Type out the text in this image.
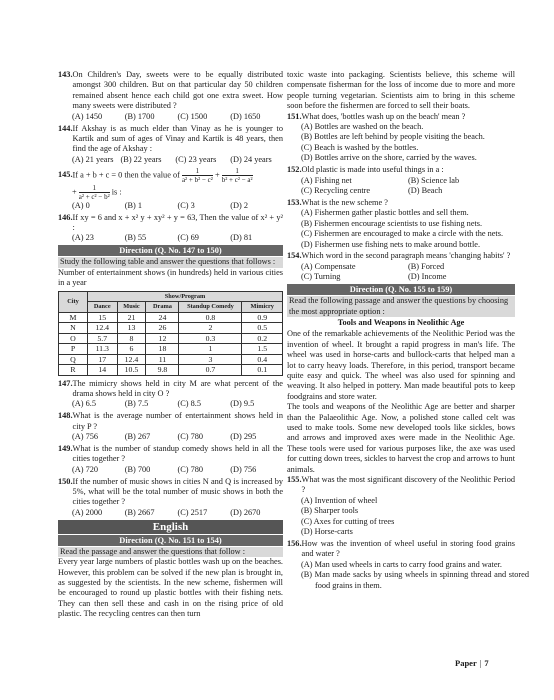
143. On Children's Day, sweets were to be equally distributed amongst 300 children. But on that particular day 50 children remained absent hence each child got one extra sweet. How many sweets were distributed ?
(A) 1450	(B) 1700	(C) 1500	(D) 1650
144. If Akshay is as much elder than Vinay as he is younger to Kartik and sum of ages of Vinay and Kartik is 48 years, then find the age of Akshay :
(A) 21 years (B) 22 years	(C) 23 years	(D) 24 years
145. If a + b + c = 0 then the value of $\frac{1}{\text{a² + b² − c²}} + \frac{1}{\text{b² + c² − a²}}$
+ $\frac{1}{\text{a² + c² − b²}}$ is :
(A) 0	(B) 1	(C) 3	(D) 2
146. If xy = 6 and x + x² y + xy² + y = 63, Then the value of x² + y² :
(A) 23	(B) 55	(C) 69	(D) 81
Direction (Q. No. 147 to 150)
Study the following table and answer the questions that follows :
Number of entertainment shows (in hundreds) held in various cities in a year
City	Show/Program				
	Dance	Music	Drama	Standup Comedy	Mimicry
M	15	21	24	0.8	0.9
N	12.4	13	26	2	0.5
O	5.7	8	12	0.3	0.2
P	11.3	6	18	1	1.5
Q	17	12.4	11	3	0.4
R	14	10.5	9.8	0.7	0.1
147. The mimicry shows held in city M are what percent of the drama shows held in city O ?
(A) 6.5	(B) 7.5	(C) 8.5	(D) 9.5
148. What is the average number of entertainment shows held in city P ?
(A) 756	(B) 267	(C) 780	(D) 295
149. What is the number of standup comedy shows held in all the cities together ?
(A) 720	(B) 700	(C) 780	(D) 756
150. If the number of music shows in cities N and Q is increased by 5%, what will be the total number of music shows in both the cities together ?
(A) 2000	(B) 2667	(C) 2517	(D) 2670
English
Direction (Q. No. 151 to 154)
Read the passage and answer the questions that follow :
Every year large numbers of plastic bottles wash up on the beaches. However, this problem can be solved if the new plan is brought in, as suggested by the scientists. In the new scheme, fishermen will be encouraged to round up plastic bottles with their fishing nets. They can then sell these and cash in on the rising price of old plastic. The recycling centres can then turn
toxic waste into packaging. Scientists believe, this scheme will compensate fisherman for the loss of income due to more and more people turning vegetarian. Scientists aim to bring in this scheme soon before the fishermen are forced to sell their boats.
151. What does, 'bottles wash up on the beach' mean ?
(A) Bottles are washed on the beach.
(B) Bottles are left behind by people visiting the beach.
(C) Beach is washed by the bottles.
(D) Bottles arrive on the shore, carried by the waves.
152. Old plastic is made into useful things in a :
(A) Fishing net	(B) Science lab
(C) Recycling centre	(D) Beach
153. What is the new scheme ?
(A) Fishermen gather plastic bottles and sell them.
(B) Fishermen encourage scientists to use fishing nets.
(C) Fishermen are encouraged to make a circle with the nets.
(D) Fishermen use fishing nets to make around bottle.
154. Which word in the second paragraph means 'changing habits' ?
(A) Compensate	(B) Forced
(C) Turning	(D) Income
Direction (Q. No. 155 to 159)
Read the following passage and answer the questions by choosing the most appropriate option :
Tools and Weapons in Neolithic Age
One of the remarkable achievements of the Neolithic Period was the invention of wheel. It brought a rapid progress in man's life. The wheel was used in horse-carts and bullock-carts that helped man a lot to carry heavy loads. Therefore, in this period, transport became quite easy and quick. The wheel was also used for spinning and weaving. It also helped in pottery. Man made beautiful pots to keep foodgrains and store water.
The tools and weapons of the Neolithic Age are better and sharper than the Palaeolithic Age. Now, a polished stone called celt was used to make tools. Some new developed tools like sickles, bows and arrows and improved axes were made in the Neolithic Age. These tools were used for various purposes like, the axe was used for cutting down trees, sickles to harvest the crop and arrows to hunt animals.
155. What was the most significant discovery of the Neolithic Period ?
(A) Invention of wheel
(B) Sharper tools
(C) Axes for cutting of trees
(D) Horse-carts
156. How was the invention of wheel useful in storing food grains and water ?
(A) Man used wheels in carts to carry food grains and water.
(B) Man made sacks by using wheels in spinning thread and stored food grains in them.
Paper | 7
